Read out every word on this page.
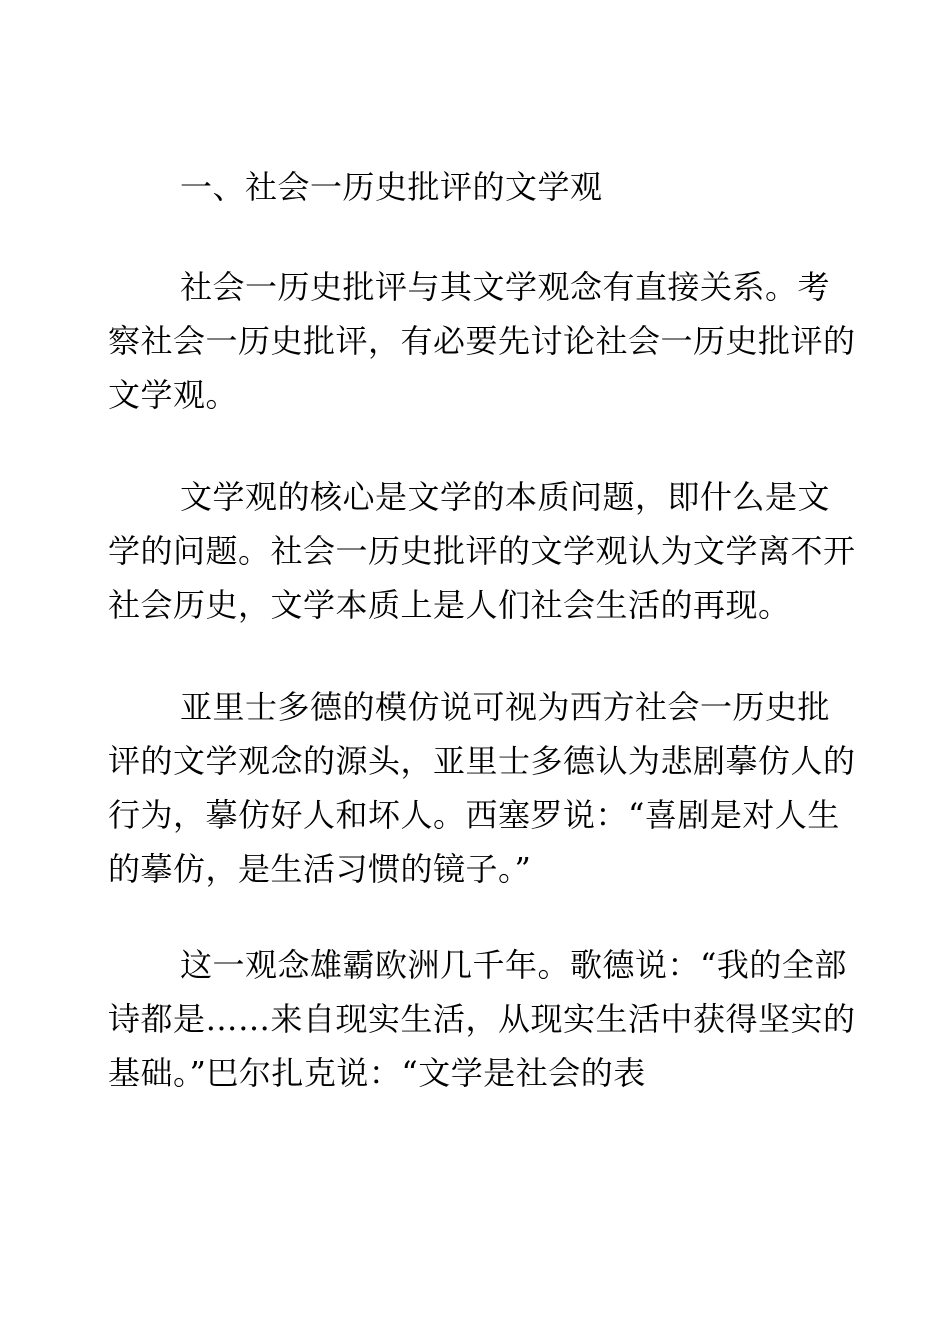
一、社会一历史批评的文学观

社会一历史批评与其文学观念有直接关系。考
察社会一历史批评，有必要先讨论社会一历史批评的
文学观。

文学观的核心是文学的本质问题，即什么是文
学的问题。社会一历史批评的文学观认为文学离不开
社会历史，文学本质上是人们社会生活的再现。

亚里士多德的模仿说可视为西方社会一历史批
评的文学观念的源头，亚里士多德认为悲剧摹仿人的
行为，摹仿好人和坏人。西塞罗说：“喜剧是对人生
的摹仿，是生活习惯的镜子。”

这一观念雄霸欧洲几千年。歌德说：“我的全部
诗都是……来自现实生活，从现实生活中获得坚实的
基础。”巴尔扎克说：“文学是社会的表
